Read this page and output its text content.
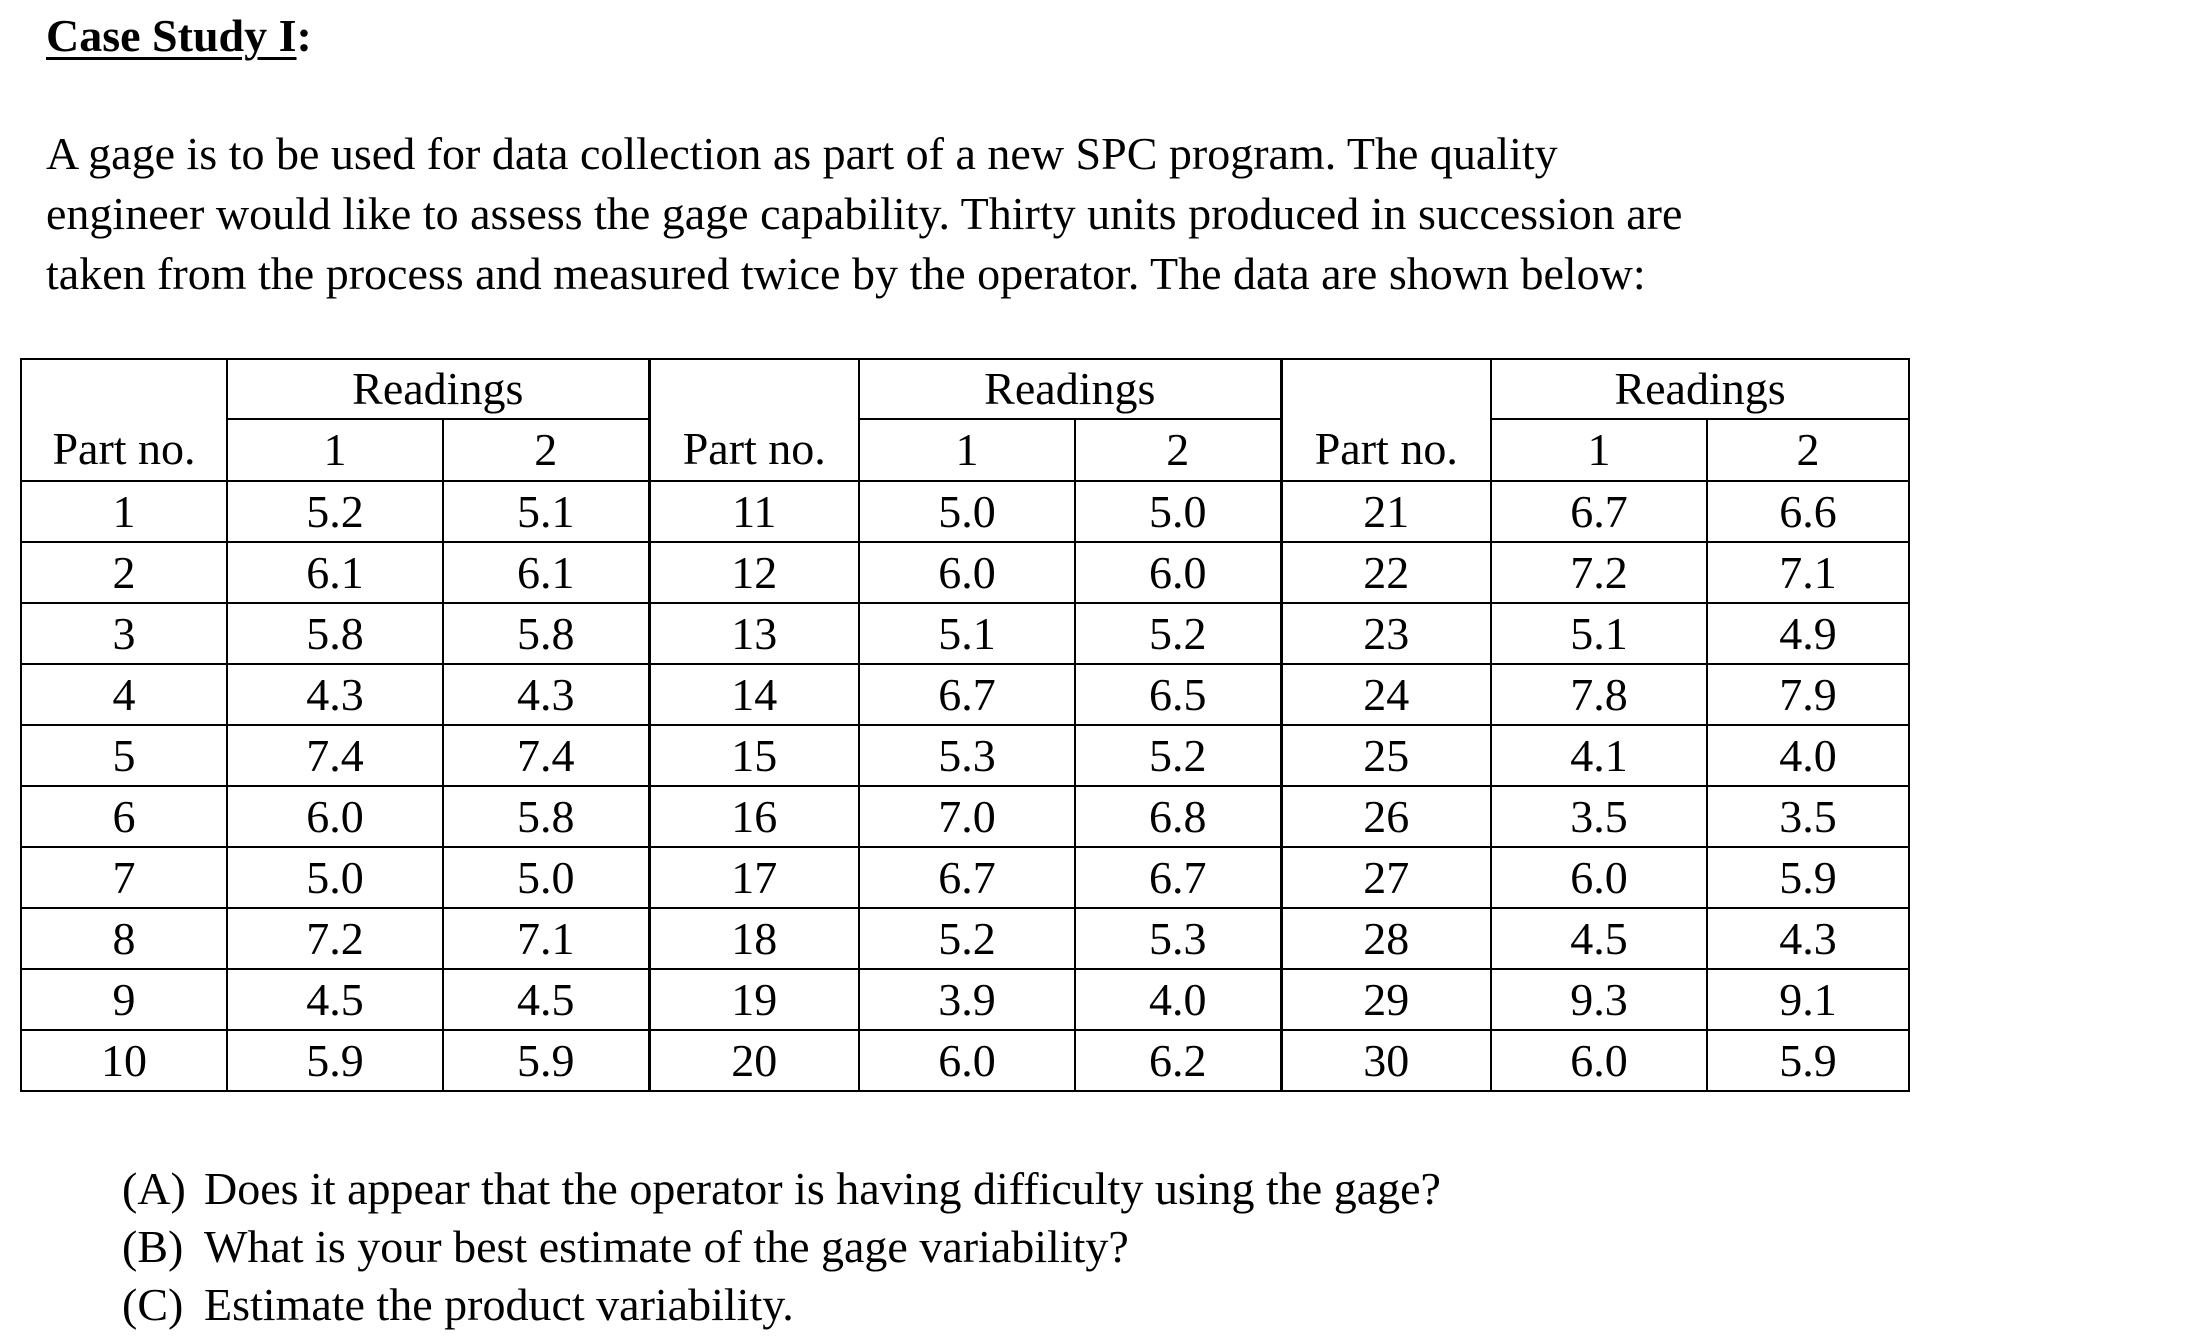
Case Study I:

A gage is to be used for data collection as part of a new SPC program. The quality

engineer would like to assess the gage capability. Thirty units produced in succession are

taken from the process and measured twice by the operator. The data are shown below:

Part no.	Readings		Part no.	Readings		Part no.	Readings	
	1	2		1	2		1	2
1	5.2	5.1	11	5.0	5.0	21	6.7	6.6
2	6.1	6.1	12	6.0	6.0	22	7.2	7.1
3	5.8	5.8	13	5.1	5.2	23	5.1	4.9
4	4.3	4.3	14	6.7	6.5	24	7.8	7.9
5	7.4	7.4	15	5.3	5.2	25	4.1	4.0
6	6.0	5.8	16	7.0	6.8	26	3.5	3.5
7	5.0	5.0	17	6.7	6.7	27	6.0	5.9
8	7.2	7.1	18	5.2	5.3	28	4.5	4.3
9	4.5	4.5	19	3.9	4.0	29	9.3	9.1
10	5.9	5.9	20	6.0	6.2	30	6.0	5.9
(A) Does it appear that the operator is having difficulty using the gage?
(B) What is your best estimate of the gage variability?
(C) Estimate the product variability.
